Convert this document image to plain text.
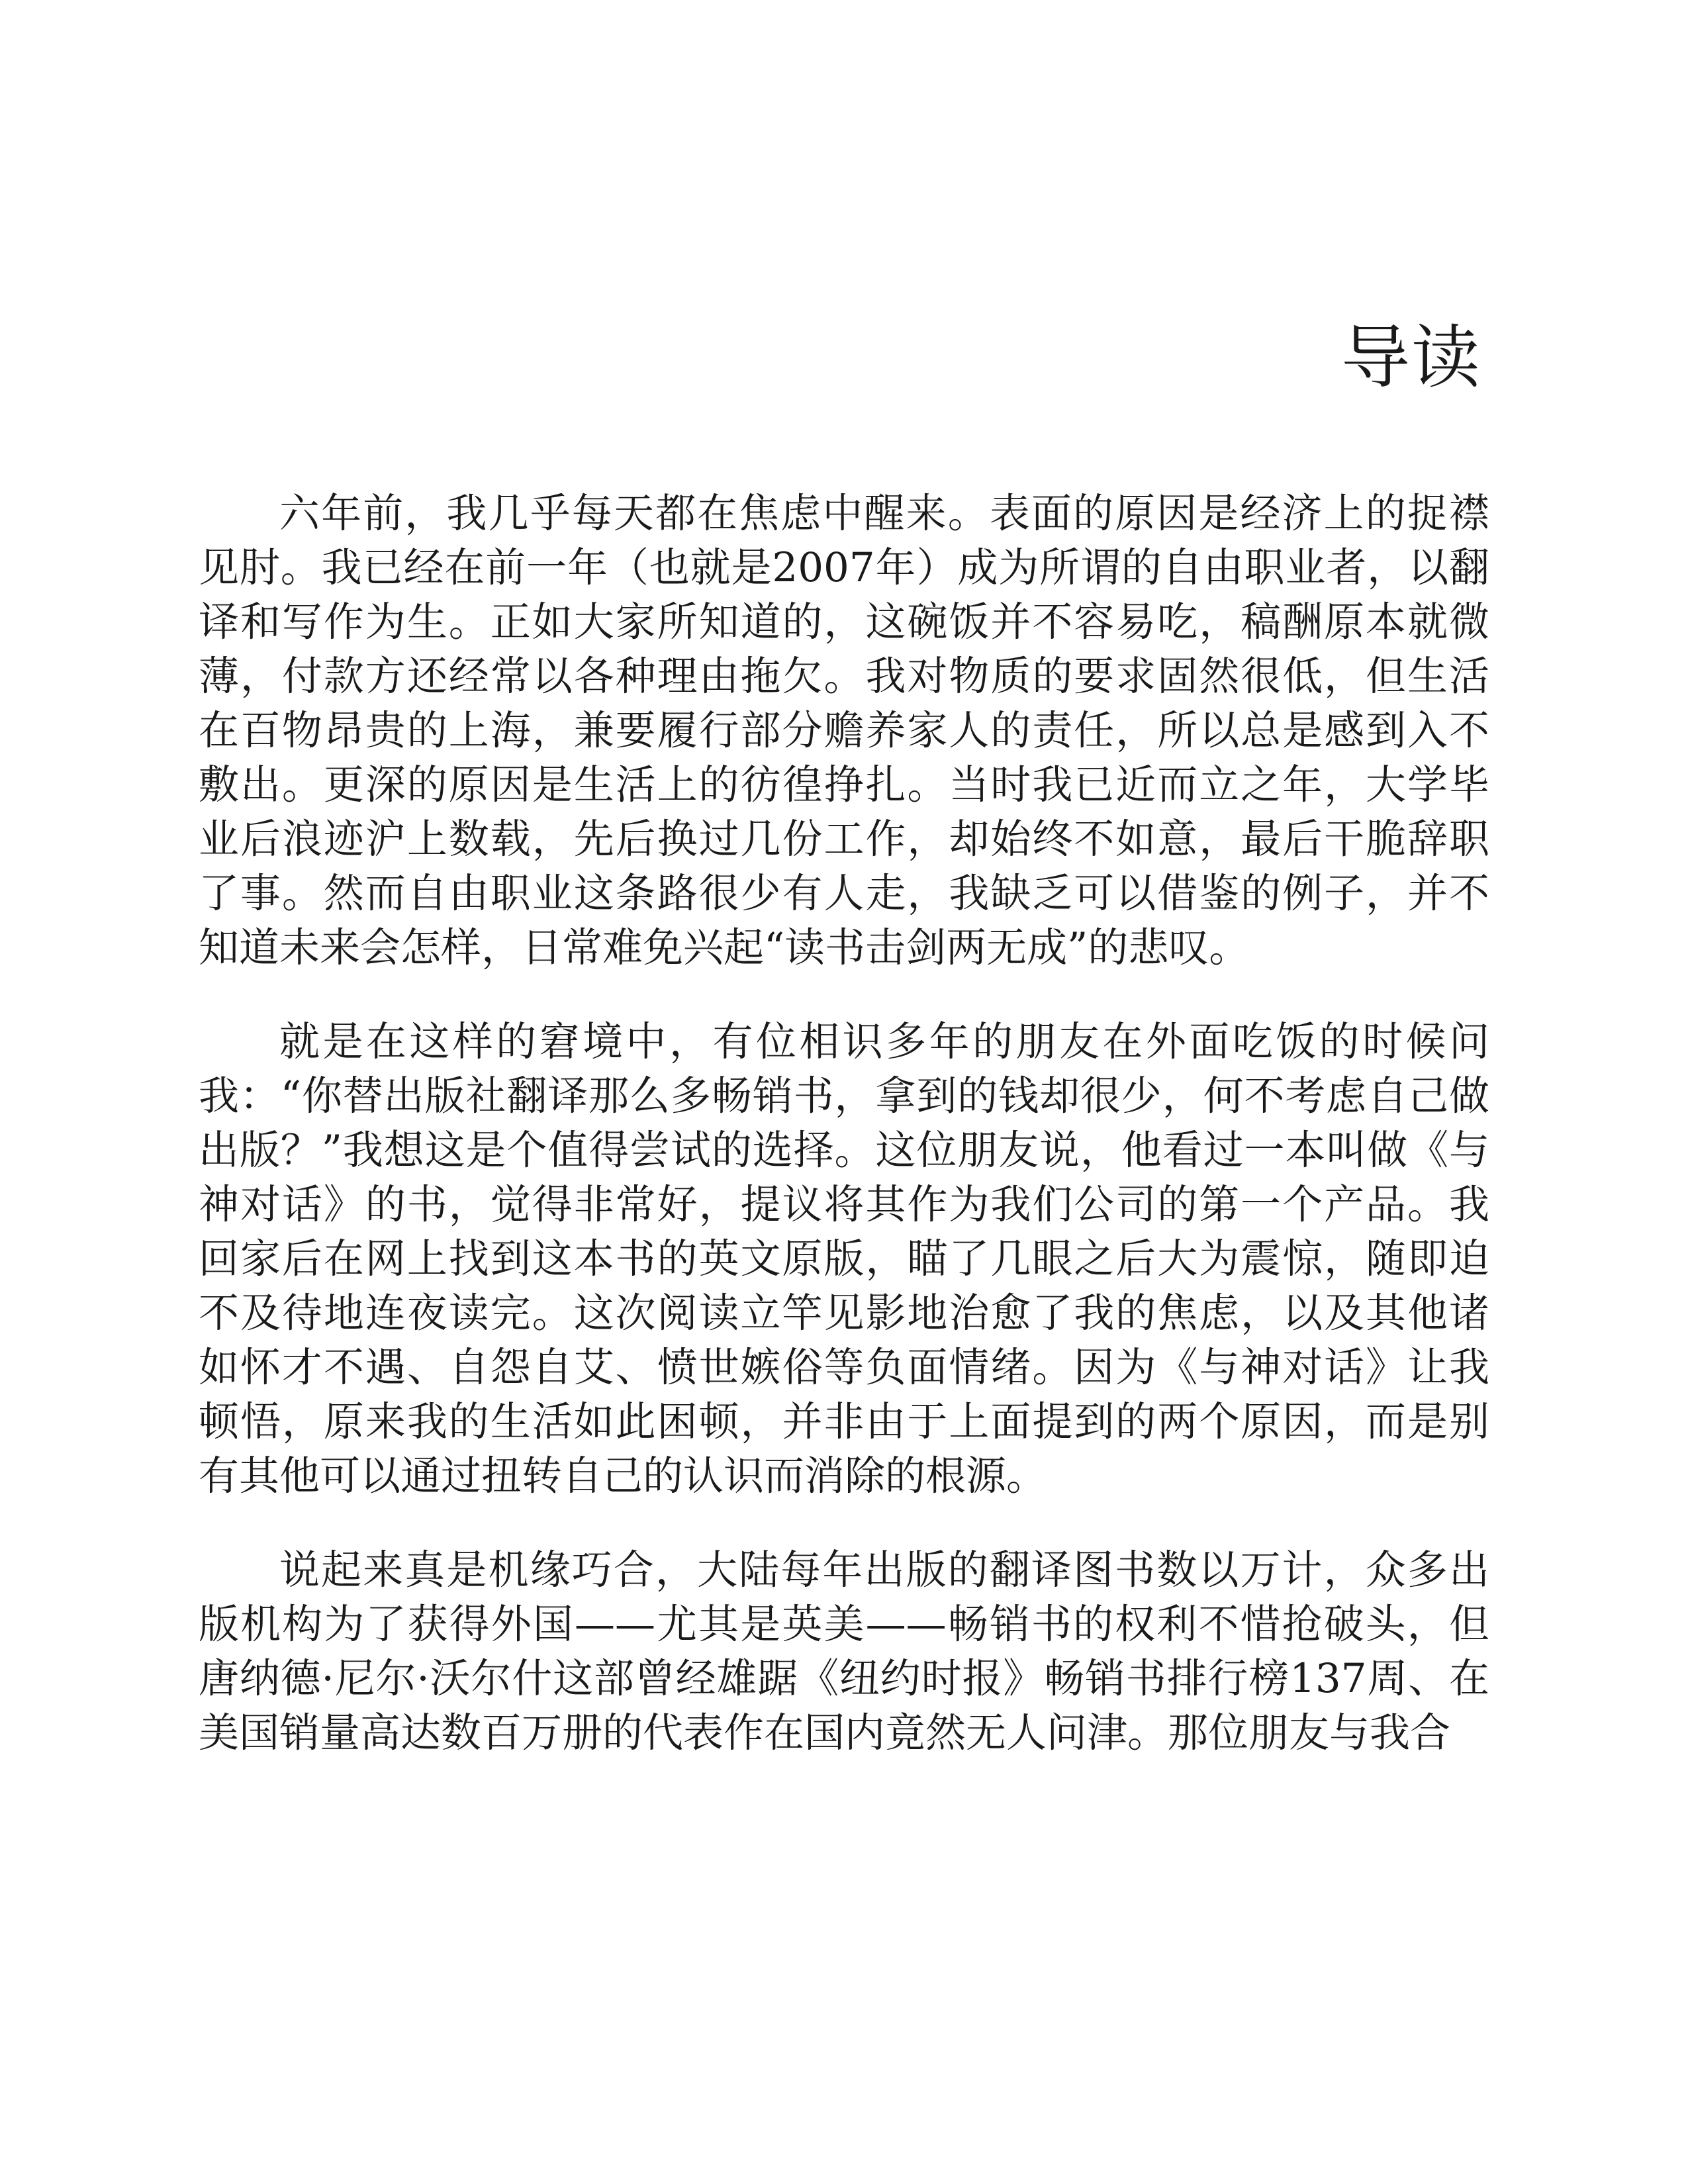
导读

六年前，我几乎每天都在焦虑中醒来。表面的原因是经济上的捉襟见肘。我已经在前一年（也就是2007年）成为所谓的自由职业者，以翻译和写作为生。正如大家所知道的，这碗饭并不容易吃，稿酬原本就微薄，付款方还经常以各种理由拖欠。我对物质的要求固然很低，但生活在百物昂贵的上海，兼要履行部分赡养家人的责任，所以总是感到入不敷出。更深的原因是生活上的彷徨挣扎。当时我已近而立之年，大学毕业后浪迹沪上数载，先后换过几份工作，却始终不如意，最后干脆辞职了事。然而自由职业这条路很少有人走，我缺乏可以借鉴的例子，并不知道未来会怎样，日常难免兴起“读书击剑两无成”的悲叹。

就是在这样的窘境中，有位相识多年的朋友在外面吃饭的时候问我：“你替出版社翻译那么多畅销书，拿到的钱却很少，何不考虑自己做出版？”我想这是个值得尝试的选择。这位朋友说，他看过一本叫做《与神对话》的书，觉得非常好，提议将其作为我们公司的第一个产品。我回家后在网上找到这本书的英文原版，瞄了几眼之后大为震惊，随即迫不及待地连夜读完。这次阅读立竿见影地治愈了我的焦虑，以及其他诸如怀才不遇、自怨自艾、愤世嫉俗等负面情绪。因为《与神对话》让我顿悟，原来我的生活如此困顿，并非由于上面提到的两个原因，而是别有其他可以通过扭转自己的认识而消除的根源。

说起来真是机缘巧合，大陆每年出版的翻译图书数以万计，众多出版机构为了获得外国——尤其是英美——畅销书的权利不惜抢破头，但唐纳德·尼尔·沃尔什这部曾经雄踞《纽约时报》畅销书排行榜137周、在美国销量高达数百万册的代表作在国内竟然无人问津。那位朋友与我合
